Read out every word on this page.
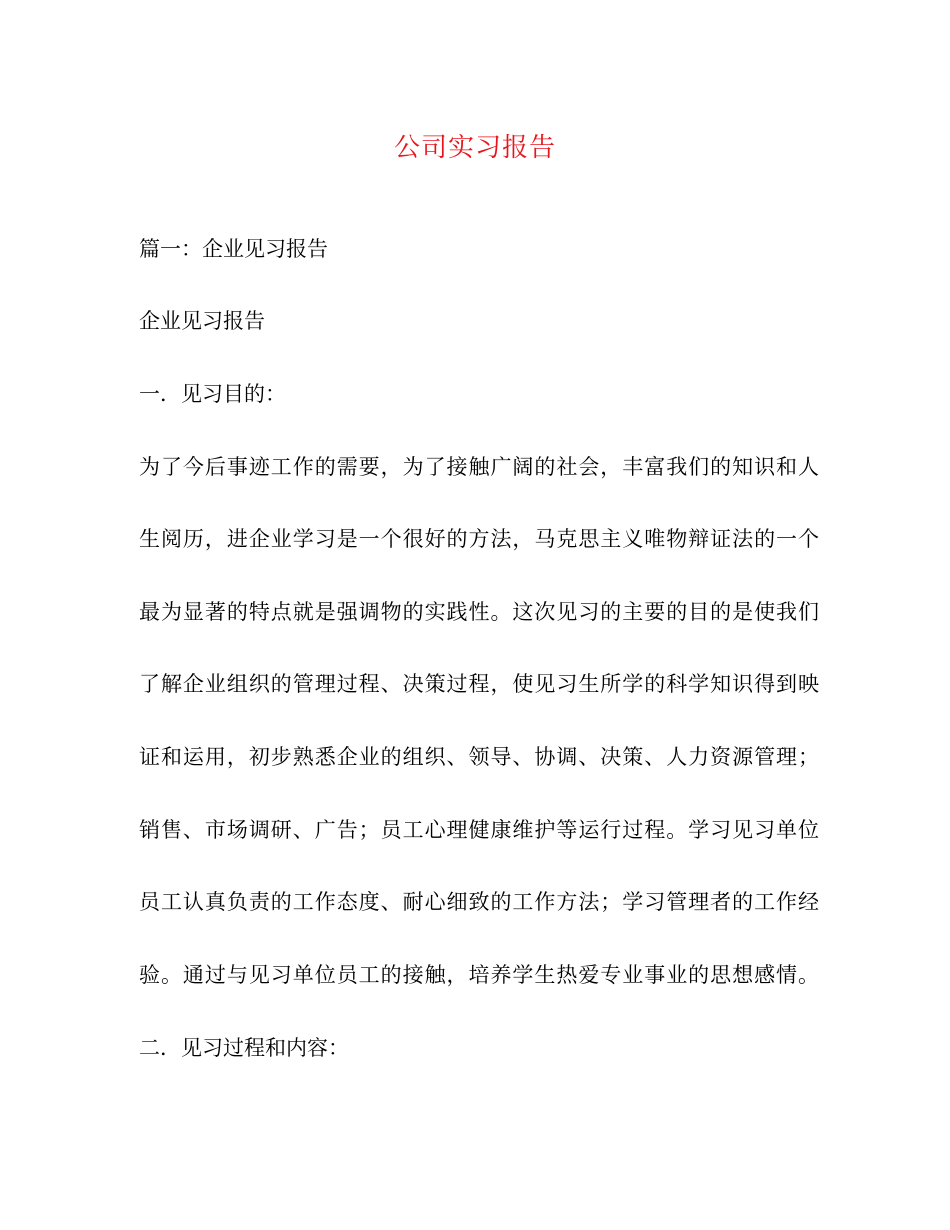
公司实习报告
篇一：企业见习报告
企业见习报告
一．见习目的：
为了今后事迹工作的需要，为了接触广阔的社会，丰富我们的知识和人
生阅历，进企业学习是一个很好的方法，马克思主义唯物辩证法的一个
最为显著的特点就是强调物的实践性。这次见习的主要的目的是使我们
了解企业组织的管理过程、决策过程，使见习生所学的科学知识得到映
证和运用，初步熟悉企业的组织、领导、协调、决策、人力资源管理；
销售、市场调研、广告；员工心理健康维护等运行过程。学习见习单位
员工认真负责的工作态度、耐心细致的工作方法；学习管理者的工作经
验。通过与见习单位员工的接触，培养学生热爱专业事业的思想感情。
二．见习过程和内容：
